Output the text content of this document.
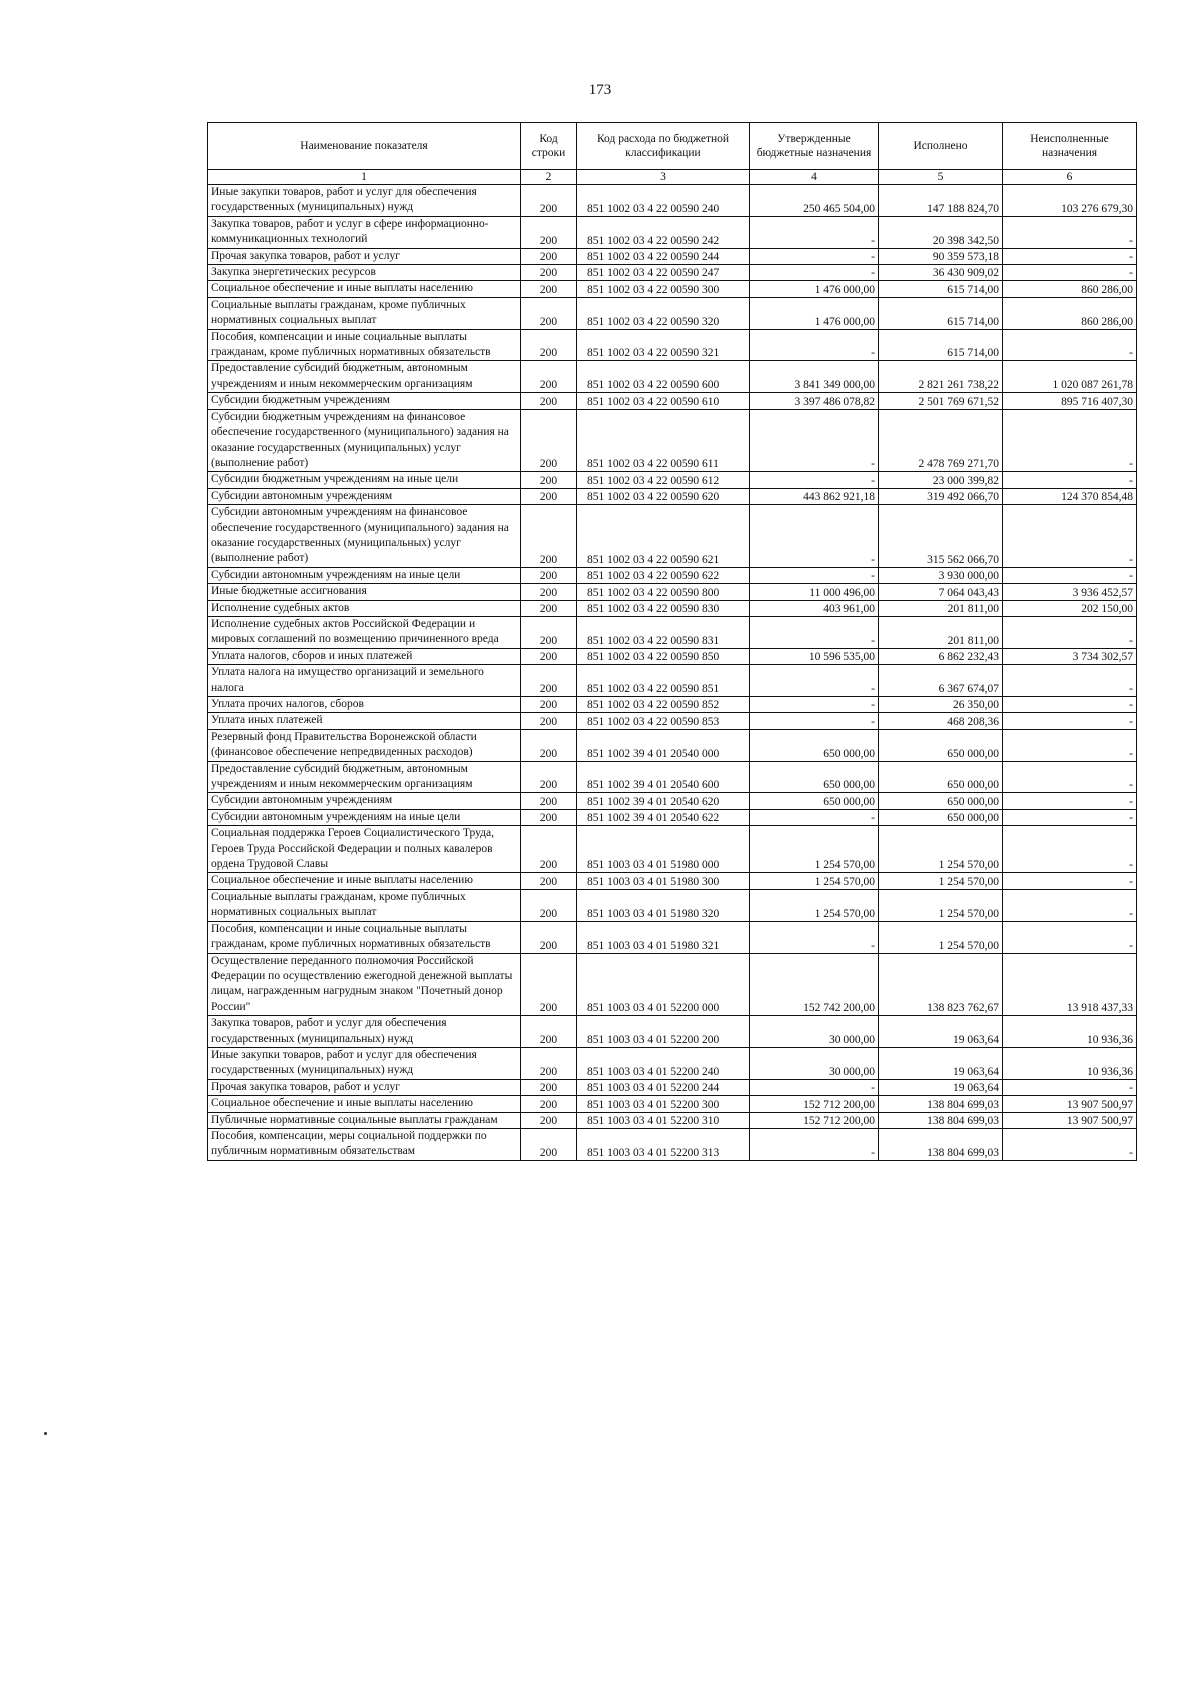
173
Наименование показателя	Код строки	Код расхода по бюджетной классификации	Утвержденные бюджетные назначения	Исполнено	Неисполненные назначения
1	2	3	4	5	6
Иные закупки товаров, работ и услуг для обеспечения государственных (муниципальных) нужд	200	851 1002 03 4 22 00590 240	250 465 504,00	147 188 824,70	103 276 679,30
Закупка товаров, работ и услуг в сфере информационно-коммуникационных технологий	200	851 1002 03 4 22 00590 242	-	20 398 342,50	-
Прочая закупка товаров, работ и услуг	200	851 1002 03 4 22 00590 244	-	90 359 573,18	-
Закупка энергетических ресурсов	200	851 1002 03 4 22 00590 247	-	36 430 909,02	-
Социальное обеспечение и иные выплаты населению	200	851 1002 03 4 22 00590 300	1 476 000,00	615 714,00	860 286,00
Социальные выплаты гражданам, кроме публичных нормативных социальных выплат	200	851 1002 03 4 22 00590 320	1 476 000,00	615 714,00	860 286,00
Пособия, компенсации и иные социальные выплаты гражданам, кроме публичных нормативных обязательств	200	851 1002 03 4 22 00590 321	-	615 714,00	-
Предоставление субсидий бюджетным, автономным учреждениям и иным некоммерческим организациям	200	851 1002 03 4 22 00590 600	3 841 349 000,00	2 821 261 738,22	1 020 087 261,78
Субсидии бюджетным учреждениям	200	851 1002 03 4 22 00590 610	3 397 486 078,82	2 501 769 671,52	895 716 407,30
Субсидии бюджетным учреждениям на финансовое обеспечение государственного (муниципального) задания на оказание государственных (муниципальных) услуг (выполнение работ)	200	851 1002 03 4 22 00590 611	-	2 478 769 271,70	-
Субсидии бюджетным учреждениям на иные цели	200	851 1002 03 4 22 00590 612	-	23 000 399,82	-
Субсидии автономным учреждениям	200	851 1002 03 4 22 00590 620	443 862 921,18	319 492 066,70	124 370 854,48
Субсидии автономным учреждениям на финансовое обеспечение государственного (муниципального) задания на оказание государственных (муниципальных) услуг (выполнение работ)	200	851 1002 03 4 22 00590 621	-	315 562 066,70	-
Субсидии автономным учреждениям на иные цели	200	851 1002 03 4 22 00590 622	-	3 930 000,00	-
Иные бюджетные ассигнования	200	851 1002 03 4 22 00590 800	11 000 496,00	7 064 043,43	3 936 452,57
Исполнение судебных актов	200	851 1002 03 4 22 00590 830	403 961,00	201 811,00	202 150,00
Исполнение судебных актов Российской Федерации и мировых соглашений по возмещению причиненного вреда	200	851 1002 03 4 22 00590 831	-	201 811,00	-
Уплата налогов, сборов и иных платежей	200	851 1002 03 4 22 00590 850	10 596 535,00	6 862 232,43	3 734 302,57
Уплата налога на имущество организаций и земельного налога	200	851 1002 03 4 22 00590 851	-	6 367 674,07	-
Уплата прочих налогов, сборов	200	851 1002 03 4 22 00590 852	-	26 350,00	-
Уплата иных платежей	200	851 1002 03 4 22 00590 853	-	468 208,36	-
Резервный фонд Правительства Воронежской области (финансовое обеспечение непредвиденных расходов)	200	851 1002 39 4 01 20540 000	650 000,00	650 000,00	-
Предоставление субсидий бюджетным, автономным учреждениям и иным некоммерческим организациям	200	851 1002 39 4 01 20540 600	650 000,00	650 000,00	-
Субсидии автономным учреждениям	200	851 1002 39 4 01 20540 620	650 000,00	650 000,00	-
Субсидии автономным учреждениям на иные цели	200	851 1002 39 4 01 20540 622	-	650 000,00	-
Социальная поддержка Героев Социалистического Труда, Героев Труда Российской Федерации и полных кавалеров ордена Трудовой Славы	200	851 1003 03 4 01 51980 000	1 254 570,00	1 254 570,00	-
Социальное обеспечение и иные выплаты населению	200	851 1003 03 4 01 51980 300	1 254 570,00	1 254 570,00	-
Социальные выплаты гражданам, кроме публичных нормативных социальных выплат	200	851 1003 03 4 01 51980 320	1 254 570,00	1 254 570,00	-
Пособия, компенсации и иные социальные выплаты гражданам, кроме публичных нормативных обязательств	200	851 1003 03 4 01 51980 321	-	1 254 570,00	-
Осуществление переданного полномочия Российской Федерации по осуществлению ежегодной денежной выплаты лицам, награжденным нагрудным знаком "Почетный донор России"	200	851 1003 03 4 01 52200 000	152 742 200,00	138 823 762,67	13 918 437,33
Закупка товаров, работ и услуг для обеспечения государственных (муниципальных) нужд	200	851 1003 03 4 01 52200 200	30 000,00	19 063,64	10 936,36
Иные закупки товаров, работ и услуг для обеспечения государственных (муниципальных) нужд	200	851 1003 03 4 01 52200 240	30 000,00	19 063,64	10 936,36
Прочая закупка товаров, работ и услуг	200	851 1003 03 4 01 52200 244	-	19 063,64	-
Социальное обеспечение и иные выплаты населению	200	851 1003 03 4 01 52200 300	152 712 200,00	138 804 699,03	13 907 500,97
Публичные нормативные социальные выплаты гражданам	200	851 1003 03 4 01 52200 310	152 712 200,00	138 804 699,03	13 907 500,97
Пособия, компенсации, меры социальной поддержки по публичным нормативным обязательствам	200	851 1003 03 4 01 52200 313	-	138 804 699,03	-
